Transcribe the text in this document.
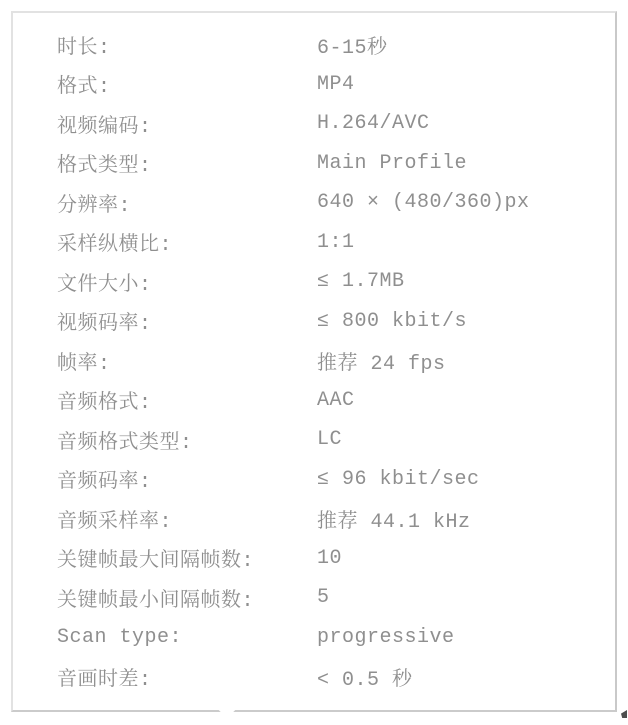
时长:	6-15秒
格式:	MP4
视频编码:	H.264/AVC
格式类型:	Main Profile
分辨率:	640 × (480/360)px
采样纵横比:	1:1
文件大小:	≤ 1.7MB
视频码率:	≤ 800 kbit/s
帧率:	推荐 24 fps
音频格式:	AAC
音频格式类型:	LC
音频码率:	≤ 96 kbit/sec
音频采样率:	推荐 44.1 kHz
关键帧最大间隔帧数:	10
关键帧最小间隔帧数:	5
Scan type:	progressive
音画时差:	< 0.5 秒
